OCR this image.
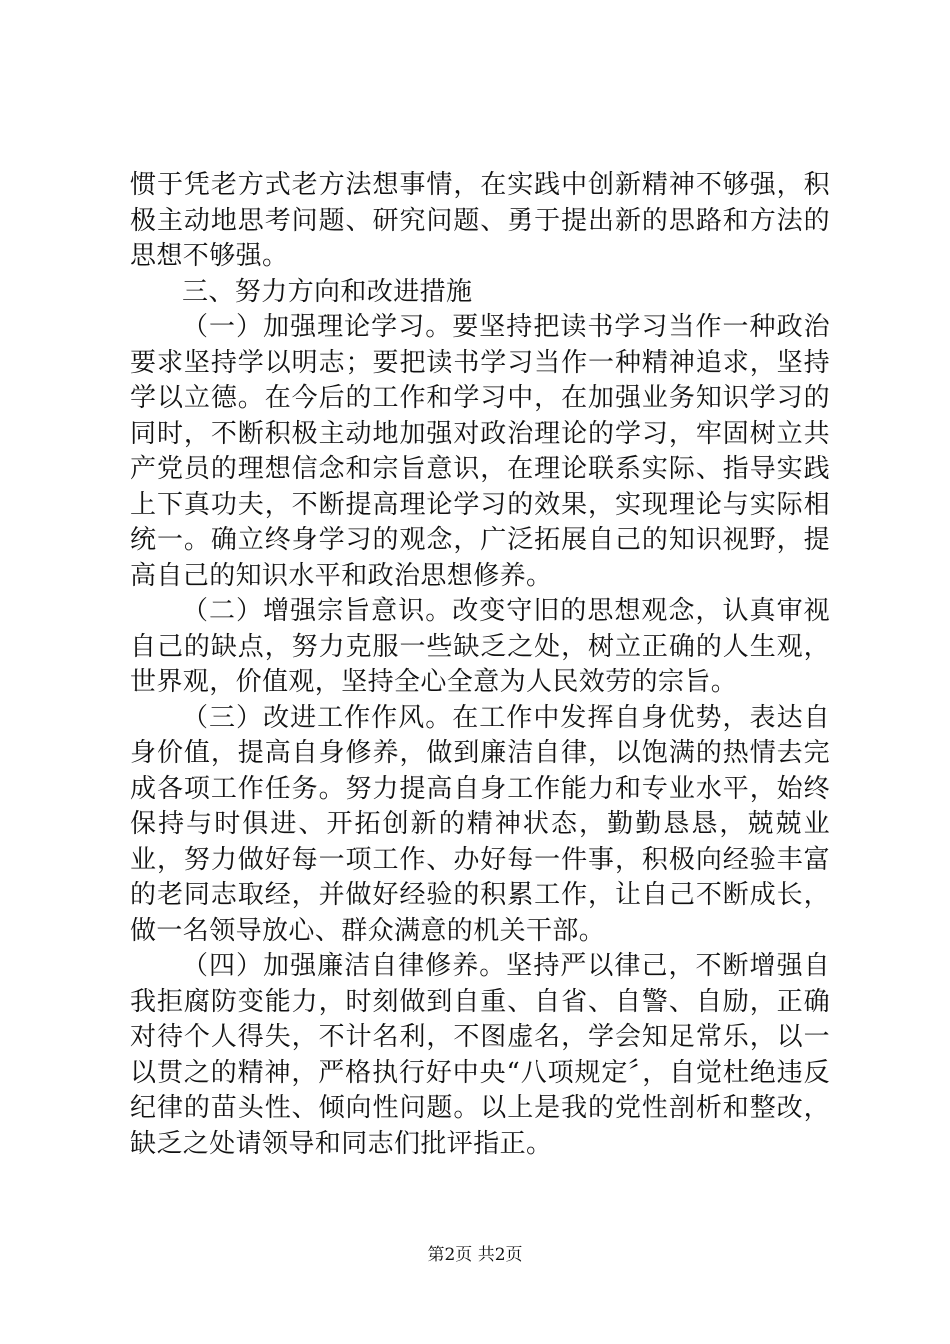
惯于凭老方式老方法想事情，在实践中创新精神不够强，积极主动地思考问题、研究问题、勇于提出新的思路和方法的思想不够强。

三、努力方向和改进措施

（一）加强理论学习。要坚持把读书学习当作一种政治要求坚持学以明志；要把读书学习当作一种精神追求，坚持学以立德。在今后的工作和学习中，在加强业务知识学习的同时，不断积极主动地加强对政治理论的学习，牢固树立共产党员的理想信念和宗旨意识，在理论联系实际、指导实践上下真功夫，不断提高理论学习的效果，实现理论与实际相统一。确立终身学习的观念，广泛拓展自己的知识视野，提高自己的知识水平和政治思想修养。

（二）增强宗旨意识。改变守旧的思想观念，认真审视自己的缺点，努力克服一些缺乏之处，树立正确的人生观，世界观，价值观，坚持全心全意为人民效劳的宗旨。

（三）改进工作作风。在工作中发挥自身优势，表达自身价值，提高自身修养，做到廉洁自律，以饱满的热情去完成各项工作任务。努力提高自身工作能力和专业水平，始终保持与时俱进、开拓创新的精神状态，勤勤恳恳，兢兢业业，努力做好每一项工作、办好每一件事，积极向经验丰富的老同志取经，并做好经验的积累工作，让自己不断成长，做一名领导放心、群众满意的机关干部。

（四）加强廉洁自律修养。坚持严以律己，不断增强自我拒腐防变能力，时刻做到自重、自省、自警、自励，正确对待个人得失，不计名利，不图虚名，学会知足常乐，以一以贯之的精神，严格执行好中央“八项规定〞，自觉杜绝违反纪律的苗头性、倾向性问题。以上是我的党性剖析和整改，缺乏之处请领导和同志们批评指正。

第2页 共2页
